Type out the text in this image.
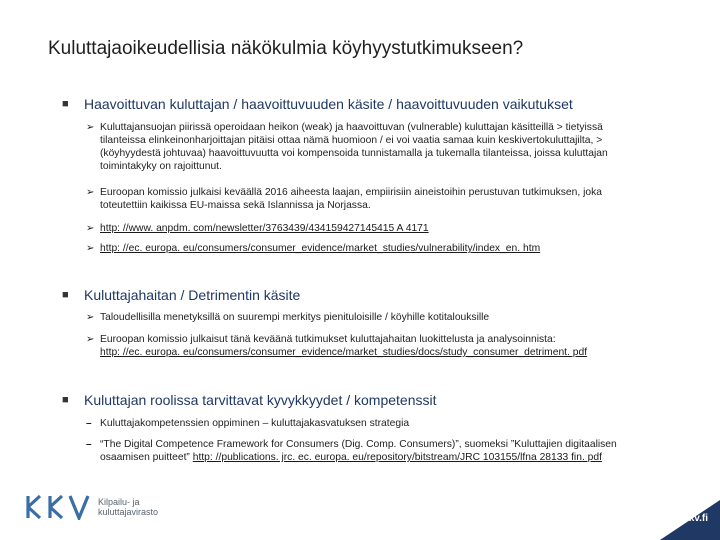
Kuluttajaoikeudellisia näkökulmia köyhyystutkimukseen?
■	Haavoittuvan kuluttajan / haavoittuvuuden käsite / haavoittuvuuden vaikutukset
➢ Kuluttajansuojan piirissä operoidaan heikon (weak) ja haavoittuvan (vulnerable) kuluttajan käsitteillä > tietyissä
tilanteissa elinkeinonharjoittajan pitäisi ottaa nämä huomioon / ei voi vaatia samaa kuin keskivertokuluttajilta, >
(köyhyydestä johtuvaa) haavoittuvuutta voi kompensoida tunnistamalla ja tukemalla tilanteissa, joissa kuluttajan
toimintakyky on rajoittunut.
➢ Euroopan komissio julkaisi keväällä 2016 aiheesta laajan, empiirisiin aineistoihin perustuvan tutkimuksen, joka
toteutettiin kaikissa EU-maissa sekä Islannissa ja Norjassa.
➢ http: //www. anpdm. com/newsletter/3763439/434159427145415 A 4171
➢ http: //ec. europa. eu/consumers/consumer_evidence/market_studies/vulnerability/index_en. htm
■	Kuluttajahaitan / Detrimentin käsite
➢ Taloudellisilla menetyksillä on suurempi merkitys pienituloisille / köyhille kotitalouksille
➢ Euroopan komissio julkaisut tänä keväänä tutkimukset kuluttajahaitan luokittelusta ja analysoinnista:
http: //ec. europa. eu/consumers/consumer_evidence/market_studies/docs/study_consumer_detriment. pdf
■	Kuluttajan roolissa tarvittavat kyvykkyydet / kompetenssit
– Kuluttajakompetenssien oppiminen – kuluttajakasvatuksen strategia
– “The Digital Competence Framework for Consumers (Dig. Comp. Consumers)”, suomeksi ”Kuluttajien digitaalisen
osaamisen puitteet” http: //publications. jrc. ec. europa. eu/repository/bitstream/JRC 103155/lfna 28133 fin. pdf
Kilpailu- ja
kuluttajavirasto
kkv.fi
